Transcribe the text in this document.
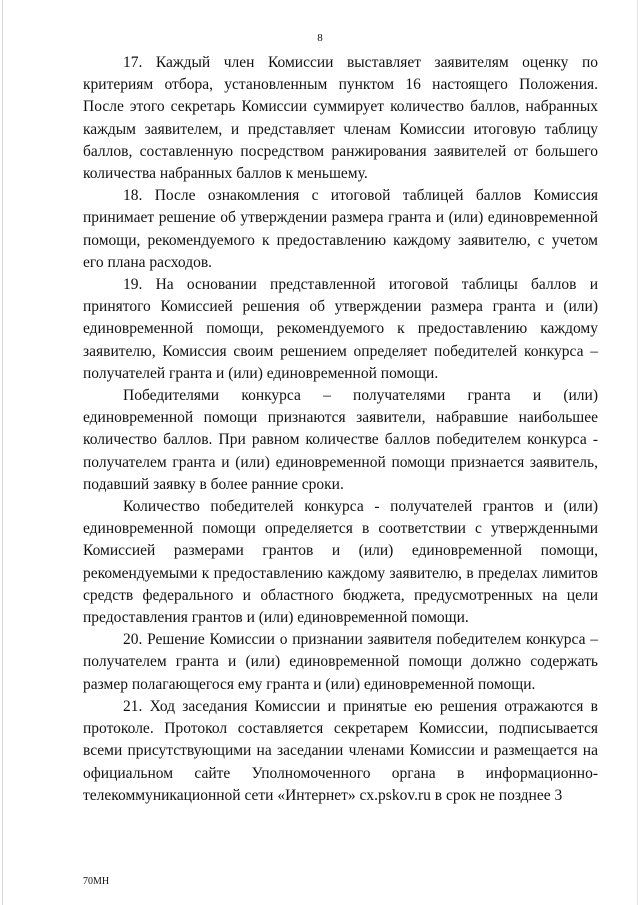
8

17. Каждый член Комиссии выставляет заявителям оценку по критериям отбора, установленным пунктом 16 настоящего Положения. После этого секретарь Комиссии суммирует количество баллов, набранных каждым заявителем, и представляет членам Комиссии итоговую таблицу баллов, составленную посредством ранжирования заявителей от большего количества набранных баллов к меньшему.

18. После ознакомления с итоговой таблицей баллов Комиссия принимает решение об утверждении размера гранта и (или) единовременной помощи, рекомендуемого к предоставлению каждому заявителю, с учетом его плана расходов.

19. На основании представленной итоговой таблицы баллов и принятого Комиссией решения об утверждении размера гранта и (или) единовременной помощи, рекомендуемого к предоставлению каждому заявителю, Комиссия своим решением определяет победителей конкурса – получателей гранта и (или) единовременной помощи.

Победителями конкурса – получателями гранта и (или) единовременной помощи признаются заявители, набравшие наибольшее количество баллов. При равном количестве баллов победителем конкурса - получателем гранта и (или) единовременной помощи признается заявитель, подавший заявку в более ранние сроки.

Количество победителей конкурса - получателей грантов и (или) единовременной помощи определяется в соответствии с утвержденными Комиссией размерами грантов и (или) единовременной помощи, рекомендуемыми к предоставлению каждому заявителю, в пределах лимитов средств федерального и областного бюджета, предусмотренных на цели предоставления грантов и (или) единовременной помощи.

20. Решение Комиссии о признании заявителя победителем конкурса – получателем гранта и (или) единовременной помощи должно содержать размер полагающегося ему гранта и (или) единовременной помощи.

21. Ход заседания Комиссии и принятые ею решения отражаются в протоколе. Протокол составляется секретарем Комиссии, подписывается всеми присутствующими на заседании членами Комиссии и размещается на официальном сайте Уполномоченного органа в информационно-телекоммуникационной сети «Интернет» cx.pskov.ru в срок не позднее 3

70МН
